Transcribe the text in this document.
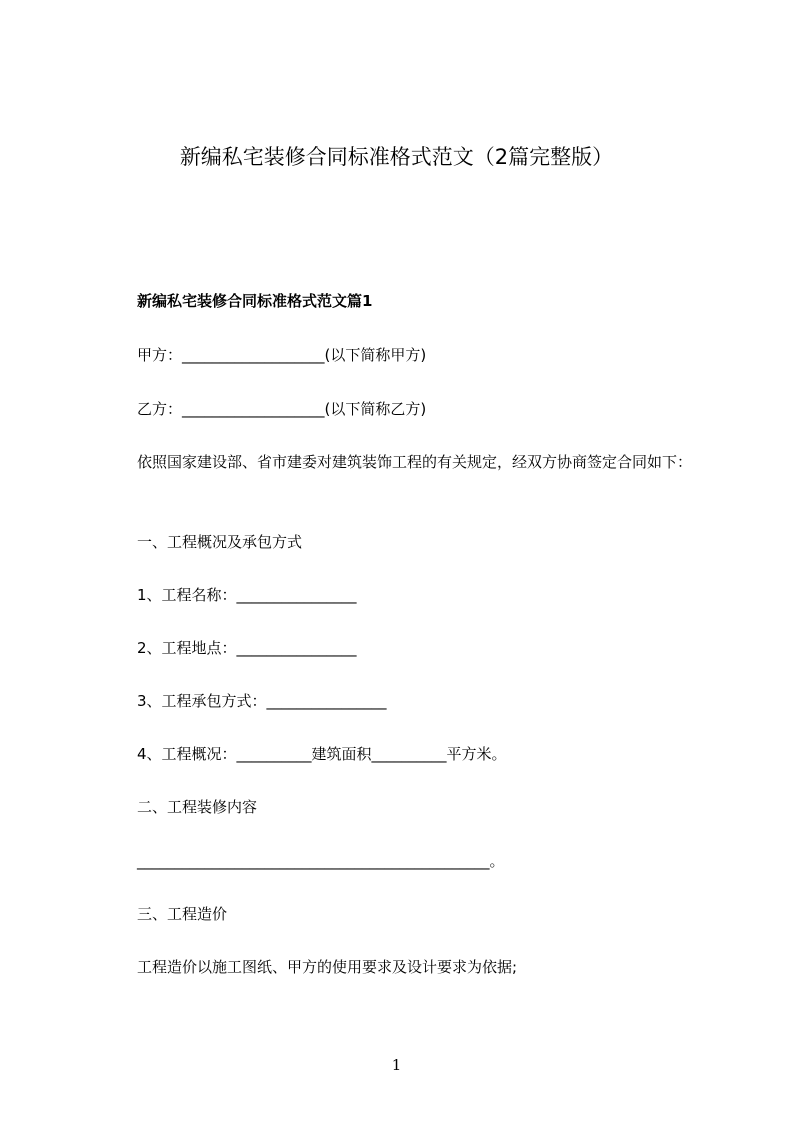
新编私宅装修合同标准格式范文（2篇完整版）
新编私宅装修合同标准格式范文篇1
甲方：___________________(以下简称甲方)
乙方：___________________(以下简称乙方)
依照国家建设部、省市建委对建筑装饰工程的有关规定，经双方协商签定合同如下：
一、工程概况及承包方式
1、工程名称：________________
2、工程地点：________________
3、工程承包方式：________________
4、工程概况：__________建筑面积__________平方米。
二、工程装修内容
_______________________________________________。
三、工程造价
工程造价以施工图纸、甲方的使用要求及设计要求为依据;
1
